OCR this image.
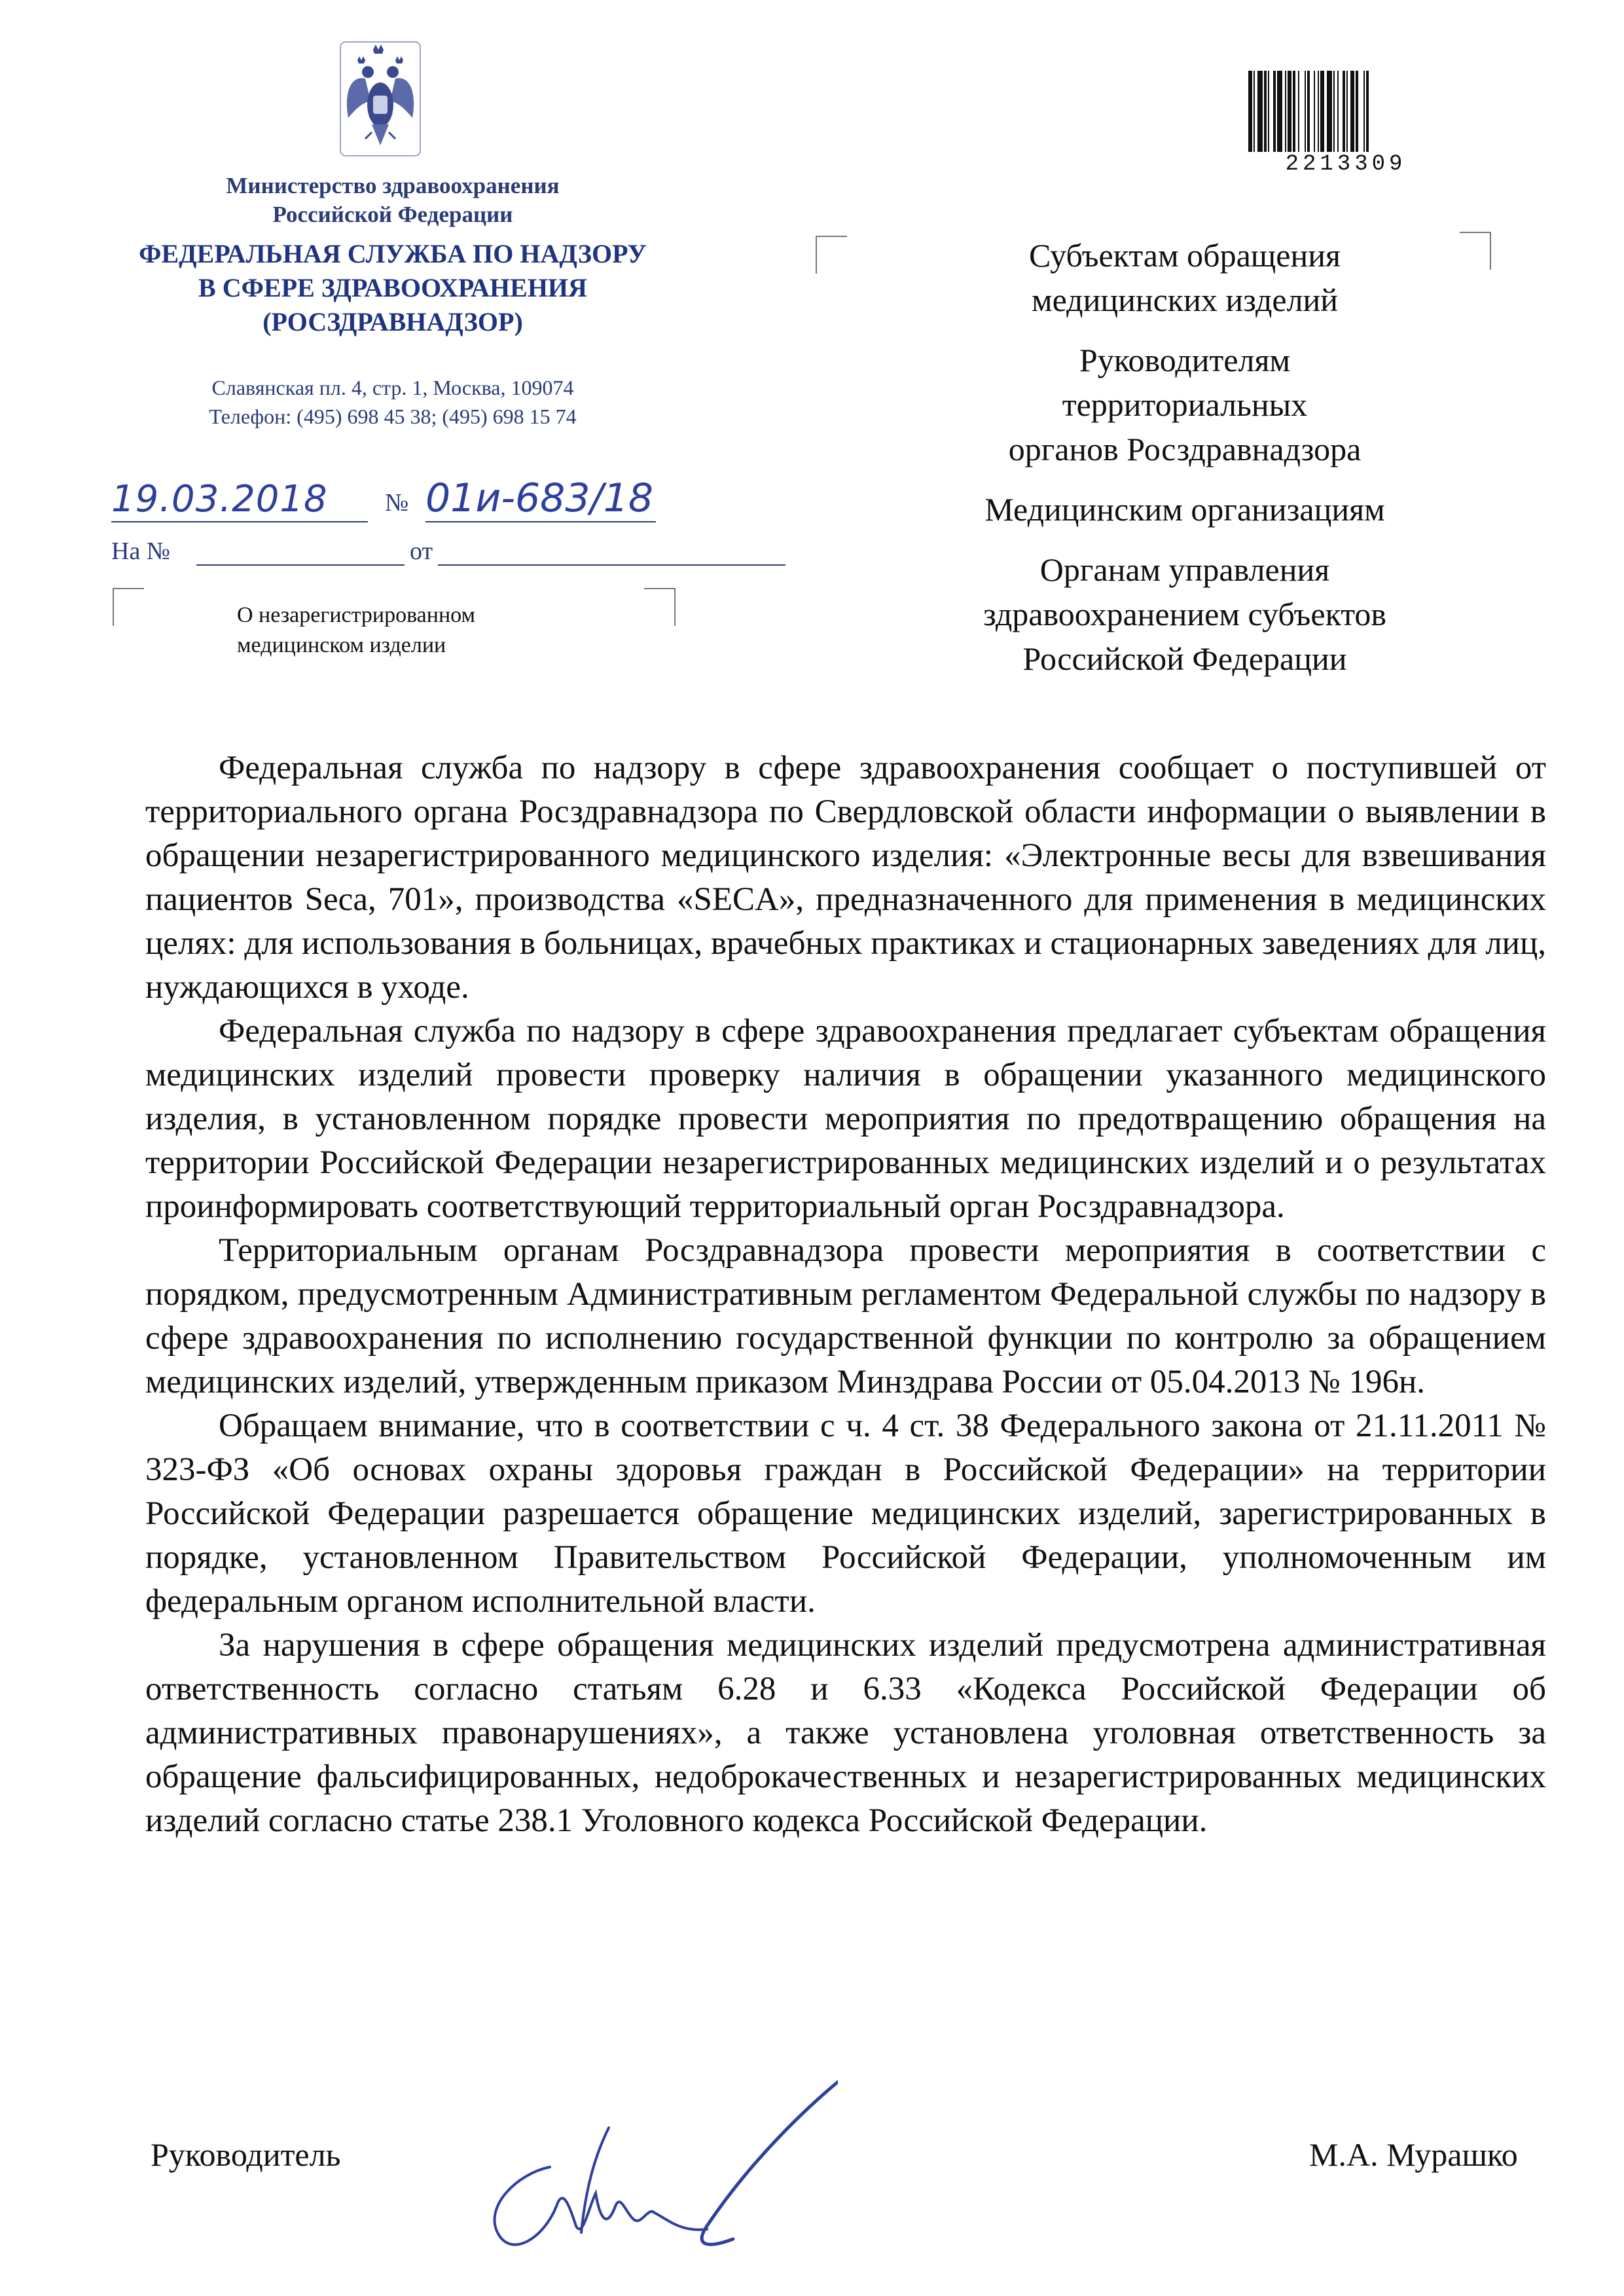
Министерство здравоохранения
Российской Федерации
ФЕДЕРАЛЬНАЯ СЛУЖБА ПО НАДЗОРУ
В СФЕРЕ ЗДРАВООХРАНЕНИЯ
(РОСЗДРАВНАДЗОР)
Славянская пл. 4, стр. 1, Москва, 109074
Телефон: (495) 698 45 38; (495) 698 15 74
19.03.2018	№ 01и-683/18
На №	от
О незарегистрированном
медицинском изделии
2213309
Субъектам обращения
медицинских изделий
Руководителям
территориальных
органов Росздравнадзора
Медицинским организациям
Органам управления
здравоохранением субъектов
Российской Федерации

Федеральная служба по надзору в сфере здравоохранения сообщает о поступившей от территориального органа Росздравнадзора по Свердловской области информации о выявлении в обращении незарегистрированного медицинского изделия: «Электронные весы для взвешивания пациентов Seca, 701», производства «SECA», предназначенного для применения в медицинских целях: для использования в больницах, врачебных практиках и стационарных заведениях для лиц, нуждающихся в уходе.

Федеральная служба по надзору в сфере здравоохранения предлагает субъектам обращения медицинских изделий провести проверку наличия в обращении указанного медицинского изделия, в установленном порядке провести мероприятия по предотвращению обращения на территории Российской Федерации незарегистрированных медицинских изделий и о результатах проинформировать соответствующий территориальный орган Росздравнадзора.

Территориальным органам Росздравнадзора провести мероприятия в соответствии с порядком, предусмотренным Административным регламентом Федеральной службы по надзору в сфере здравоохранения по исполнению государственной функции по контролю за обращением медицинских изделий, утвержденным приказом Минздрава России от 05.04.2013 № 196н.

Обращаем внимание, что в соответствии с ч. 4 ст. 38 Федерального закона от 21.11.2011 № 323-ФЗ «Об основах охраны здоровья граждан в Российской Федерации» на территории Российской Федерации разрешается обращение медицинских изделий, зарегистрированных в порядке, установленном Правительством Российской Федерации, уполномоченным им федеральным органом исполнительной власти.

За нарушения в сфере обращения медицинских изделий предусмотрена административная ответственность согласно статьям 6.28 и 6.33 «Кодекса Российской Федерации об административных правонарушениях», а также установлена уголовная ответственность за обращение фальсифицированных, недоброкачественных и незарегистрированных медицинских изделий согласно статье 238.1 Уголовного кодекса Российской Федерации.

Руководитель	М.А. Мурашко
